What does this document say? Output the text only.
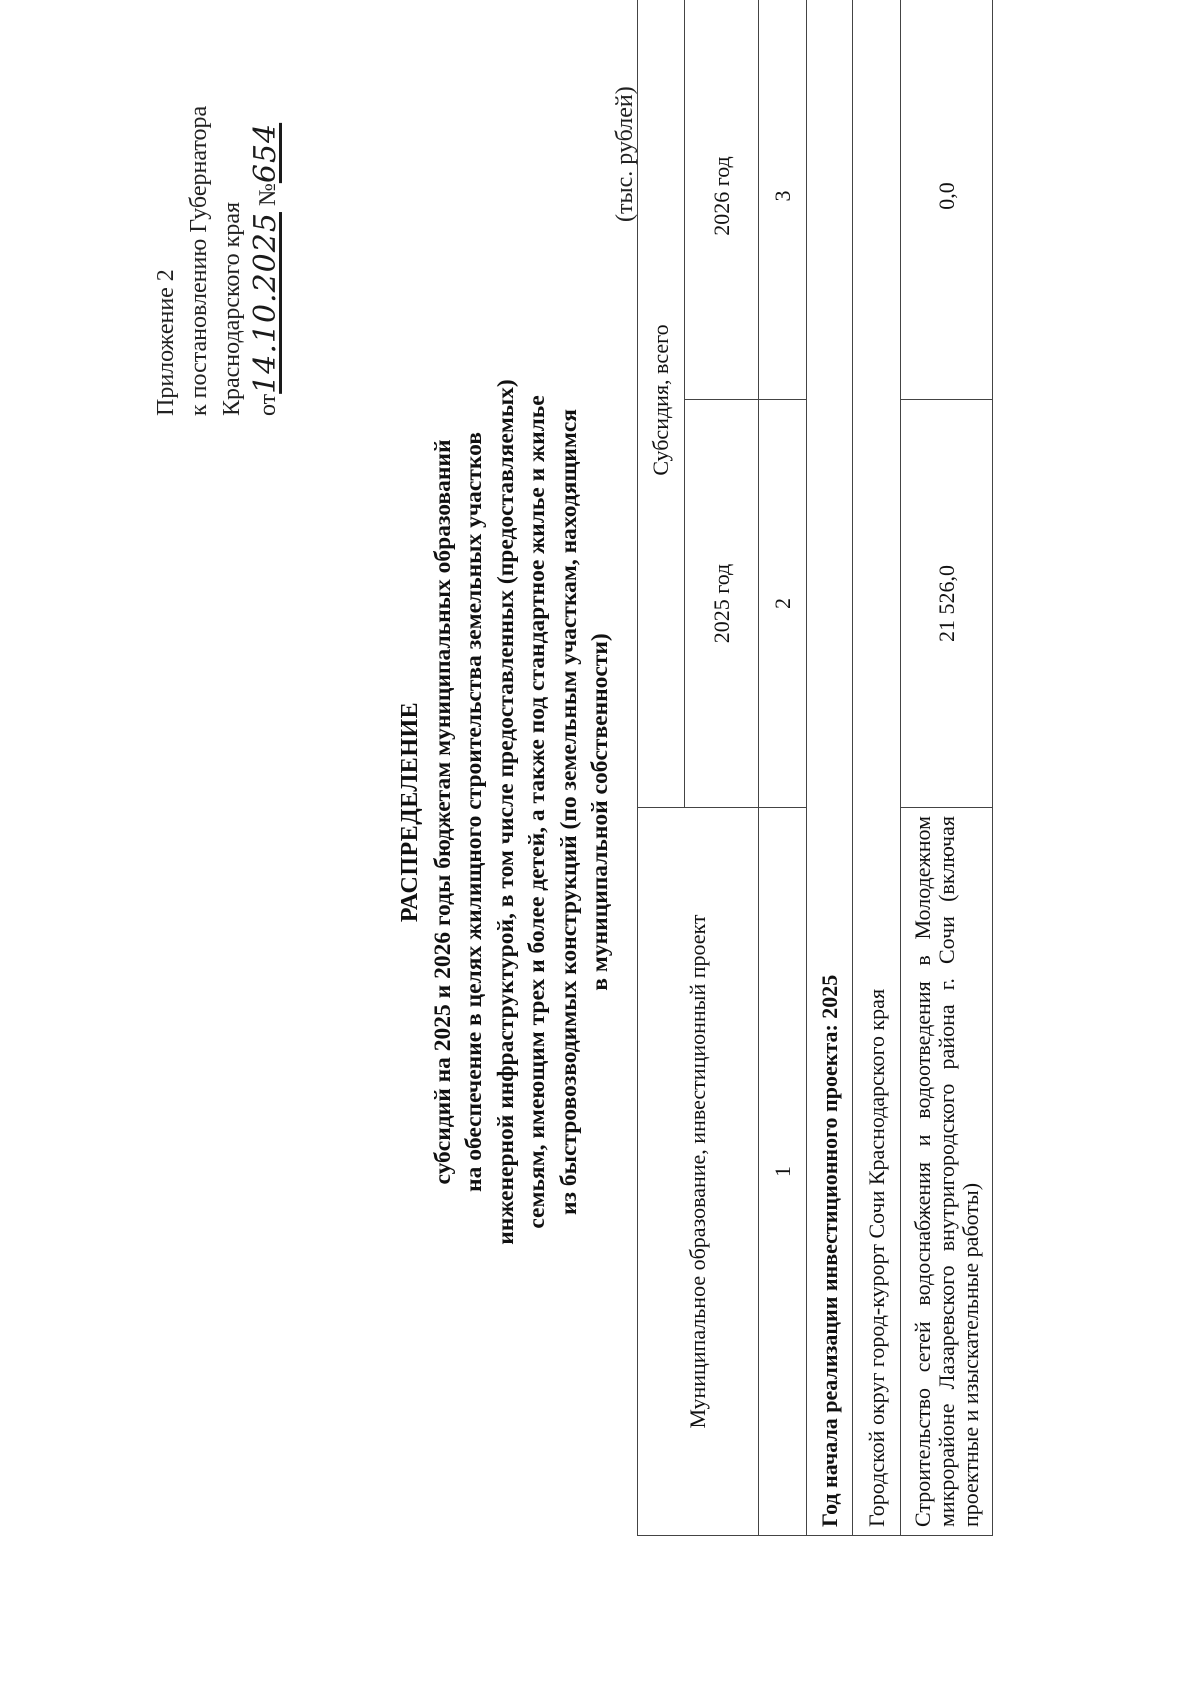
Приложение 2 к постановлению Губернатора Краснодарского края от14.10.2025 №654
РАСПРЕДЕЛЕНИЕ субсидий на 2025 и 2026 годы бюджетам муниципальных образований на обеспечение в целях жилищного строительства земельных участков инженерной инфраструктурой, в том числе предоставленных (предоставляемых) семьям, имеющим трех и более детей, а также под стандартное жилье и жилье из быстровозводимых конструкций (по земельным участкам, находящимся в муниципальной собственности)
(тыс. рублей)
Муниципальное образование, инвестиционный проект	Субсидия, всего	
	2025 год	2026 год
1	2	3
Год начала реализации инвестиционного проекта: 2025		
Городской округ город-курорт Сочи Краснодарского края		
Строительство сетей водоснабжения и водоотведения в Молодежном микрорайоне Лазаревского внутригородского района г. Сочи (включая проектные и изыскательные работы)	21 526,0	0,0
